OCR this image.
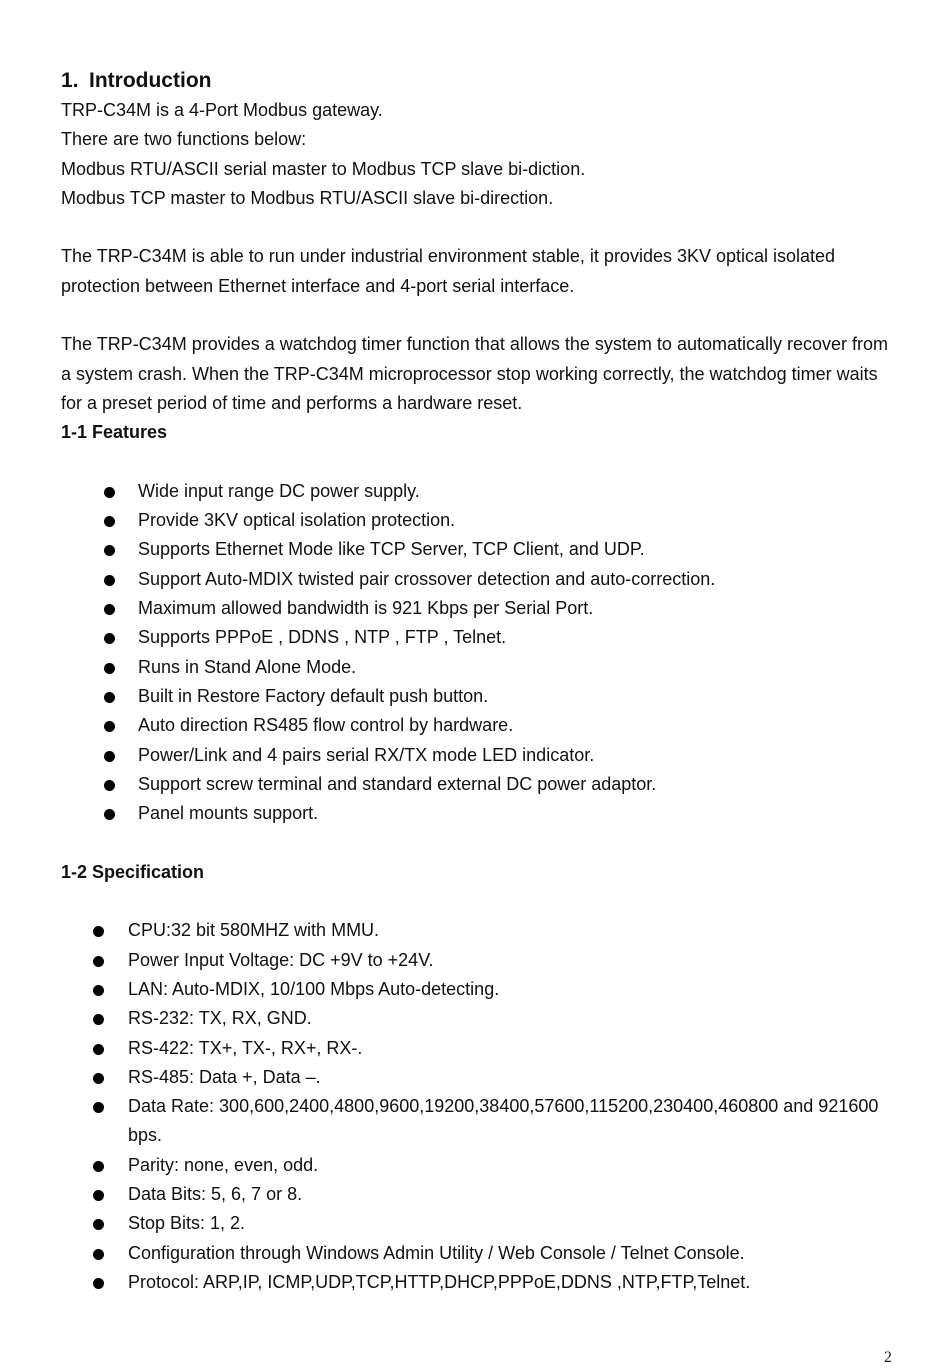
1. Introduction

TRP-C34M is a 4-Port Modbus gateway.

There are two functions below:

Modbus RTU/ASCII serial master to Modbus TCP slave bi-diction.

Modbus TCP master to Modbus RTU/ASCII slave bi-direction.

The TRP-C34M is able to run under industrial environment stable, it provides 3KV optical isolated protection between Ethernet interface and 4-port serial interface.

The TRP-C34M provides a watchdog timer function that allows the system to automatically recover from a system crash. When the TRP-C34M microprocessor stop working correctly, the watchdog timer waits for a preset period of time and performs a hardware reset.

1-1 Features
Wide input range DC power supply.
Provide 3KV optical isolation protection.
Supports Ethernet Mode like TCP Server, TCP Client, and UDP.
Support Auto-MDIX twisted pair crossover detection and auto-correction.
Maximum allowed bandwidth is 921 Kbps per Serial Port.
Supports PPPoE , DDNS , NTP , FTP , Telnet.
Runs in Stand Alone Mode.
Built in Restore Factory default push button.
Auto direction RS485 flow control by hardware.
Power/Link and 4 pairs serial RX/TX mode LED indicator.
Support screw terminal and standard external DC power adaptor.
Panel mounts support.
1-2 Specification
CPU:32 bit 580MHZ with MMU.
Power Input Voltage: DC +9V to +24V.
LAN: Auto-MDIX, 10/100 Mbps Auto-detecting.
RS-232: TX, RX, GND.
RS-422: TX+, TX-, RX+, RX-.
RS-485: Data +, Data –.
Data Rate: 300,600,2400,4800,9600,19200,38400,57600,115200,230400,460800 and 921600 bps.
Parity: none, even, odd.
Data Bits: 5, 6, 7 or 8.
Stop Bits: 1, 2.
Configuration through Windows Admin Utility / Web Console / Telnet Console.
Protocol: ARP,IP, ICMP,UDP,TCP,HTTP,DHCP,PPPoE,DDNS ,NTP,FTP,Telnet.
2
